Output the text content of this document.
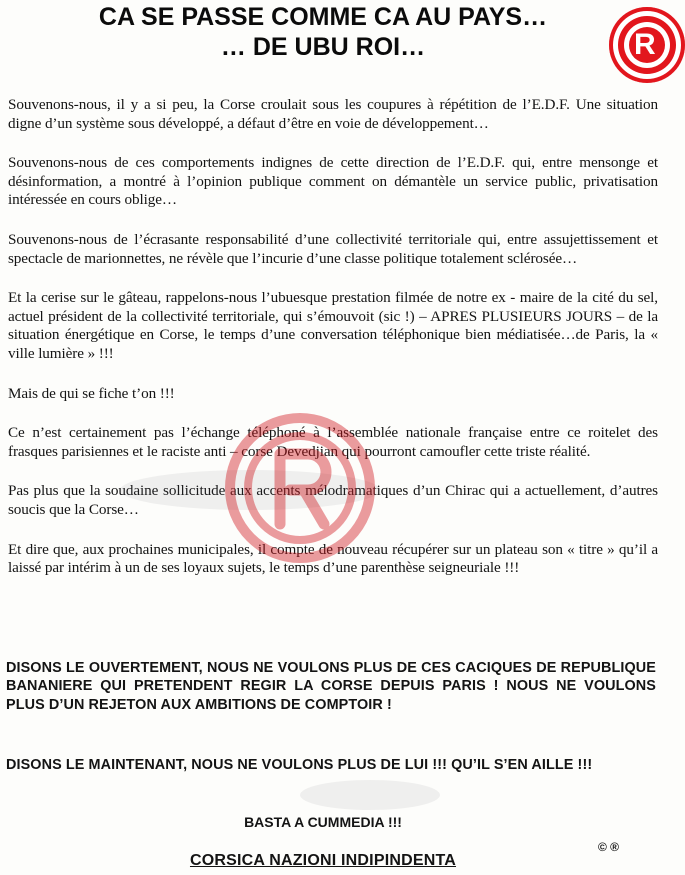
CA SE PASSE COMME CA AU PAYS…
… DE UBU ROI…	R

Souvenons-nous, il y a si peu, la Corse croulait sous les coupures à répétition de l’E.D.F. Une situation digne d’un système sous développé, a défaut d’être en voie de développement…

Souvenons-nous de ces comportements indignes de cette direction de l’E.D.F. qui, entre mensonge et désinformation, a montré à l’opinion publique comment on démantèle un service public, privatisation intéressée en cours oblige…

Souvenons-nous de l’écrasante responsabilité d’une collectivité territoriale qui, entre assujettissement et spectacle de marionnettes, ne révèle que l’incurie d’une classe politique totalement sclérosée…

Et la cerise sur le gâteau, rappelons-nous l’ubuesque prestation filmée de notre ex - maire de la cité du sel, actuel président de la collectivité territoriale, qui s’émouvoit (sic !) – APRES PLUSIEURS JOURS – de la situation énergétique en Corse, le temps d’une conversation téléphonique bien médiatisée…de Paris, la « ville lumière » !!!

Mais de qui se fiche t’on !!!

Ce n’est certainement pas l’échange téléphoné à l’assemblée nationale française entre ce roitelet des frasques parisiennes et le raciste anti – corse Devedjian qui pourront camoufler cette triste réalité.

Pas plus que la soudaine sollicitude aux accents mélodramatiques d’un Chirac qui a actuellement, d’autres soucis que la Corse…

Et dire que, aux prochaines municipales, il compte de nouveau récupérer sur un plateau son « titre » qu’il a laissé par intérim à un de ses loyaux sujets, le temps d’une parenthèse seigneuriale !!!

DISONS LE OUVERTEMENT, NOUS NE VOULONS PLUS DE CES CACIQUES DE REPUBLIQUE BANANIERE QUI PRETENDENT REGIR LA CORSE DEPUIS PARIS ! NOUS NE VOULONS PLUS D’UN REJETON AUX AMBITIONS DE COMPTOIR !
DISONS LE MAINTENANT, NOUS NE VOULONS PLUS DE LUI !!! QU’IL S’EN AILLE !!!
BASTA A CUMMEDIA !!!
© ®
CORSICA NAZIONI INDIPINDENTA
